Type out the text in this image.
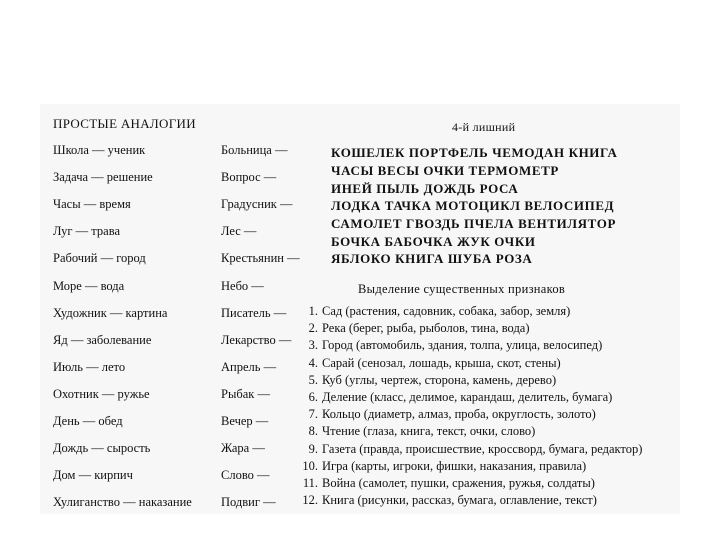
ПРОСТЫЕ АНАЛОГИИ	4-й лишний
Школа — ученик
Задача — решение
Часы — время
Луг — трава
Рабочий — город
Море — вода
Художник — картина
Яд — заболевание
Июль — лето
Охотник — ружье
День — обед
Дождь — сырость
Дом — кирпич
Хулиганство — наказание
Больница —
Вопрос —
Градусник —
Лес —
Крестьянин —
Небо —
Писатель —
Лекарство —
Апрель —
Рыбак —
Вечер —
Жара —
Слово —
Подвиг —
КОШЕЛЕК ПОРТФЕЛЬ ЧЕМОДАН КНИГА
ЧАСЫ ВЕСЫ ОЧКИ ТЕРМОМЕТР
ИНЕЙ ПЫЛЬ ДОЖДЬ РОСА
ЛОДКА ТАЧКА МОТОЦИКЛ ВЕЛОСИПЕД
САМОЛЕТ ГВОЗДЬ ПЧЕЛА ВЕНТИЛЯТОР
БОЧКА БАБОЧКА ЖУК ОЧКИ
ЯБЛОКО КНИГА ШУБА РОЗА
Выделение существенных признаков
1. Сад (растения, садовник, собака, забор, земля)
2. Река (берег, рыба, рыболов, тина, вода)
3. Город (автомобиль, здания, толпа, улица, велосипед)
4. Сарай (сенозал, лошадь, крыша, скот, стены)
5. Куб (углы, чертеж, сторона, камень, дерево)
6. Деление (класс, делимое, карандаш, делитель, бумага)
7. Кольцо (диаметр, алмаз, проба, округлость, золото)
8. Чтение (глаза, книга, текст, очки, слово)
9. Газета (правда, происшествие, кроссворд, бумага, редактор)
10. Игра (карты, игроки, фишки, наказания, правила)
11. Война (самолет, пушки, сражения, ружья, солдаты)
12. Книга (рисунки, рассказ, бумага, оглавление, текст)
